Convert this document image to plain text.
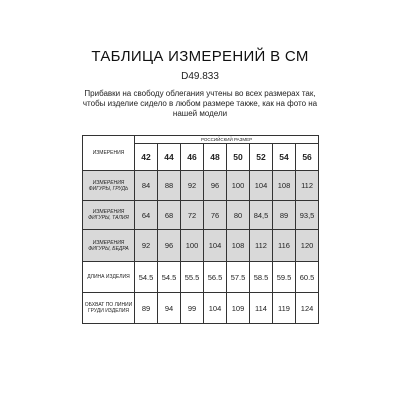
ТАБЛИЦА ИЗМЕРЕНИЙ В СМ
D49.833
Прибавки на свободу облегания учтены во всех размерах так, чтобы изделие сидело в любом размере также, как на фото на нашей модели
ИЗМЕРЕНИЯ	РОССИЙСКИЙ РАЗМЕР							
	42	44	46	48	50	52	54	56
ИЗМЕРЕНИЯ ФИГУРЫ, ГРУДЬ	84	88	92	96	100	104	108	112
ИЗМЕРЕНИЯ ФИГУРЫ, ТАЛИЯ	64	68	72	76	80	84,5	89	93,5
ИЗМЕРЕНИЯ ФИГУРЫ, БЕДРА	92	96	100	104	108	112	116	120
ДЛИНА ИЗДЕЛИЯ	54.5	54.5	55.5	56.5	57.5	58.5	59.5	60.5
ОБХВАТ ПО ЛИНИИ ГРУДИ ИЗДЕЛИЯ	89	94	99	104	109	114	119	124
